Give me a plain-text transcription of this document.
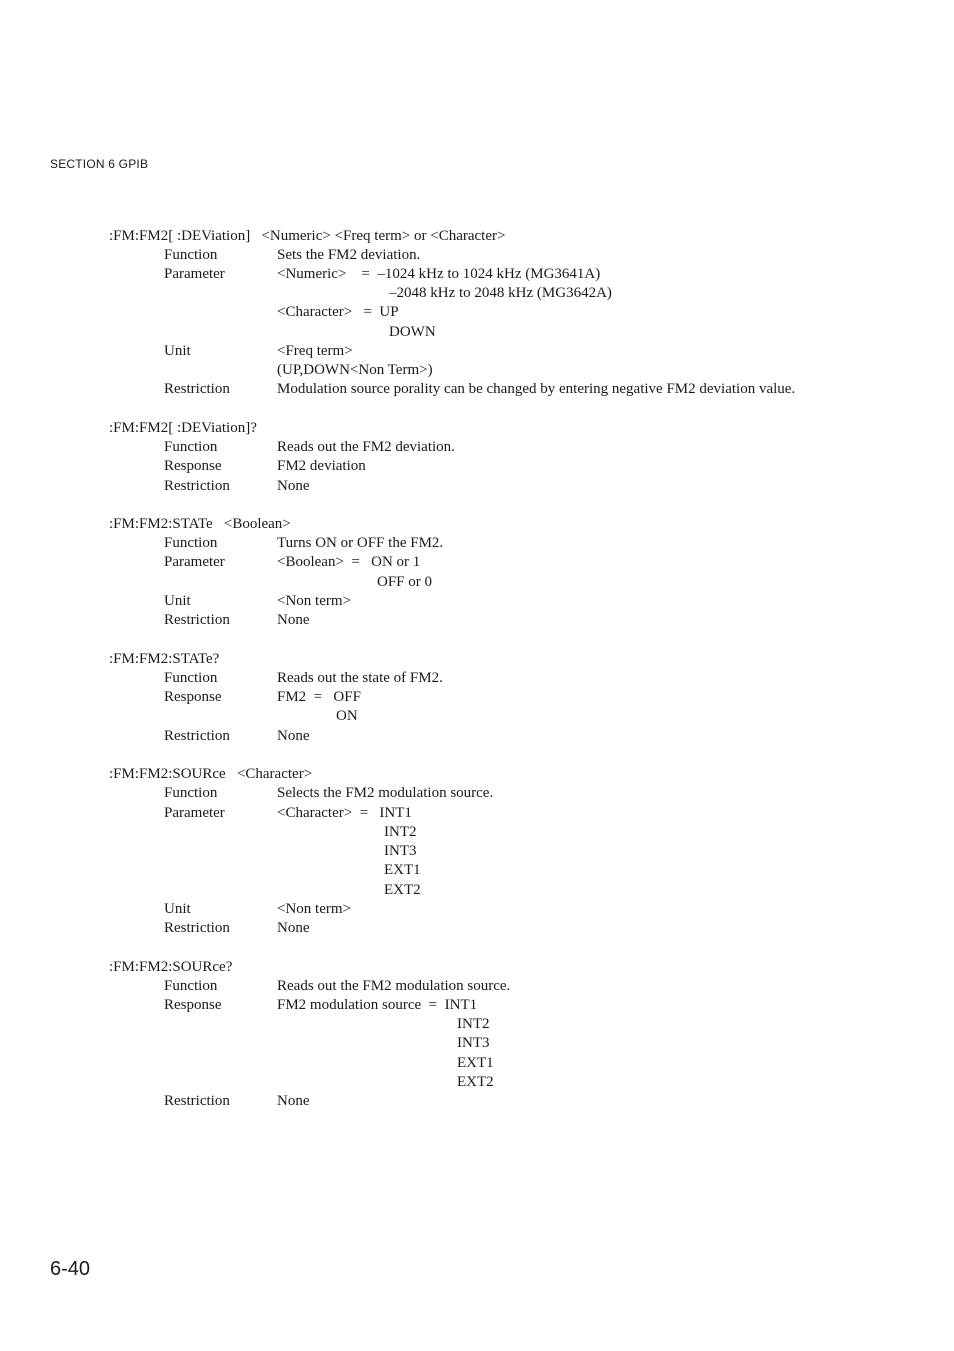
SECTION 6 GPIB
:FM:FM2[ :DEViation]   <Numeric> <Freq term> or <Character>
Function	Sets the FM2 deviation.
Parameter	<Numeric>    =  –1024 kHz to 1024 kHz (MG3641A)
–2048 kHz to 2048 kHz (MG3642A)
<Character>   =  UP
DOWN
Unit	<Freq term>
(UP,DOWN<Non Term>)
Restriction	Modulation source porality can be changed by entering negative FM2 deviation value.
:FM:FM2[ :DEViation]?
Function	Reads out the FM2 deviation.
Response	FM2 deviation
Restriction	None
:FM:FM2:STATe   <Boolean>
Function	Turns ON or OFF the FM2.
Parameter	<Boolean>  =   ON or 1
OFF or 0
Unit	<Non term>
Restriction	None
:FM:FM2:STATe?
Function	Reads out the state of FM2.
Response	FM2  =   OFF
ON
Restriction	None
:FM:FM2:SOURce   <Character>
Function	Selects the FM2 modulation source.
Parameter	<Character>  =   INT1
INT2
INT3
EXT1
EXT2
Unit	<Non term>
Restriction	None
:FM:FM2:SOURce?
Function	Reads out the FM2 modulation source.
Response	FM2 modulation source  =  INT1
INT2
INT3
EXT1
EXT2
Restriction	None
6-40
